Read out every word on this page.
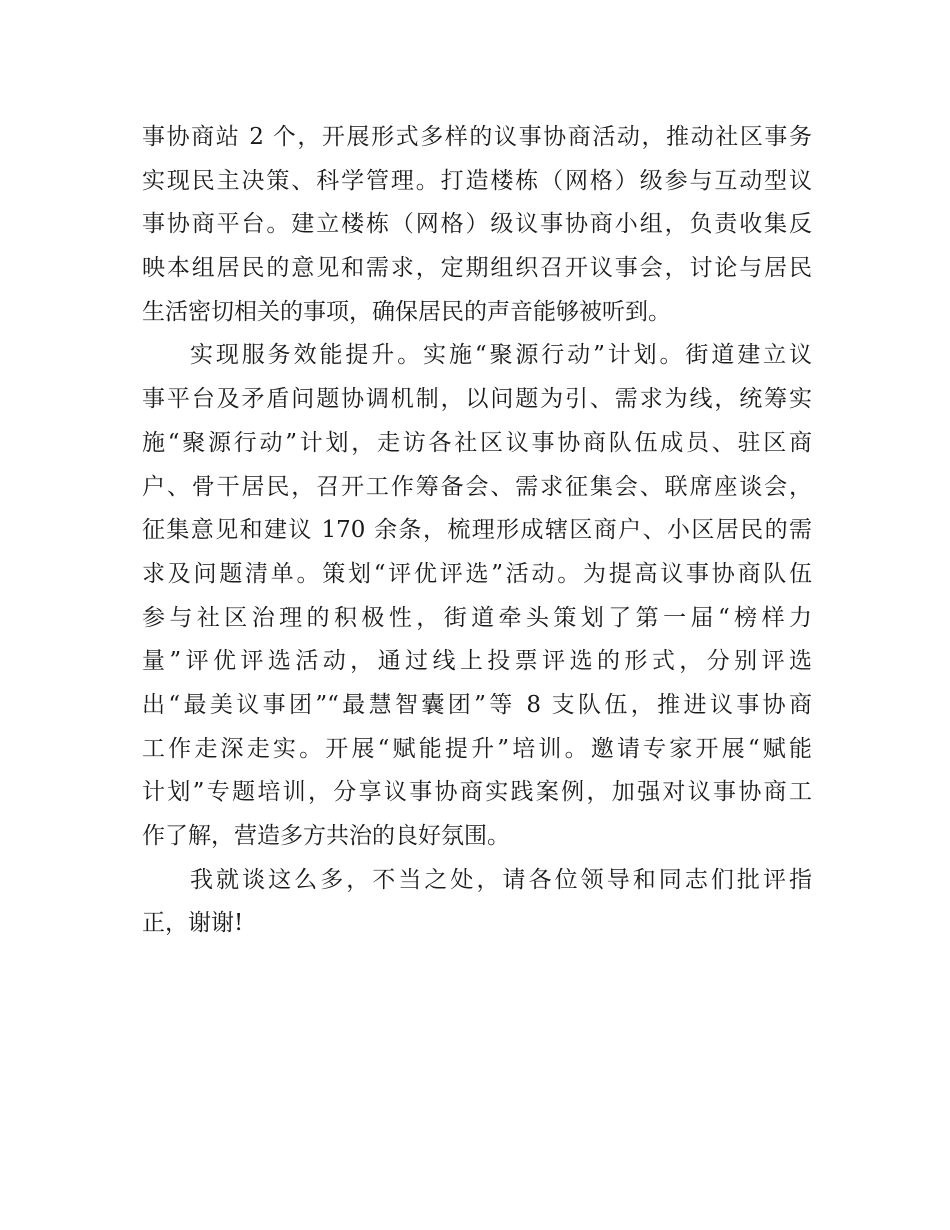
事协商站 2 个，开展形式多样的议事协商活动，推动社区事务
实现民主决策、科学管理。打造楼栋（网格）级参与互动型议
事协商平台。建立楼栋（网格）级议事协商小组，负责收集反
映本组居民的意见和需求，定期组织召开议事会，讨论与居民
生活密切相关的事项，确保居民的声音能够被听到。
实现服务效能提升。实施“聚源行动”计划。街道建立议
事平台及矛盾问题协调机制，以问题为引、需求为线，统筹实
施“聚源行动”计划，走访各社区议事协商队伍成员、驻区商
户、骨干居民，召开工作筹备会、需求征集会、联席座谈会，
征集意见和建议 170 余条，梳理形成辖区商户、小区居民的需
求及问题清单。策划“评优评选”活动。为提高议事协商队伍
参与社区治理的积极性，街道牵头策划了第一届“榜样力
量”评优评选活动，通过线上投票评选的形式，分别评选
出“最美议事团”“最慧智囊团”等 8 支队伍，推进议事协商
工作走深走实。开展“赋能提升”培训。邀请专家开展“赋能
计划”专题培训，分享议事协商实践案例，加强对议事协商工
作了解，营造多方共治的良好氛围。
我就谈这么多，不当之处，请各位领导和同志们批评指
正，谢谢!
